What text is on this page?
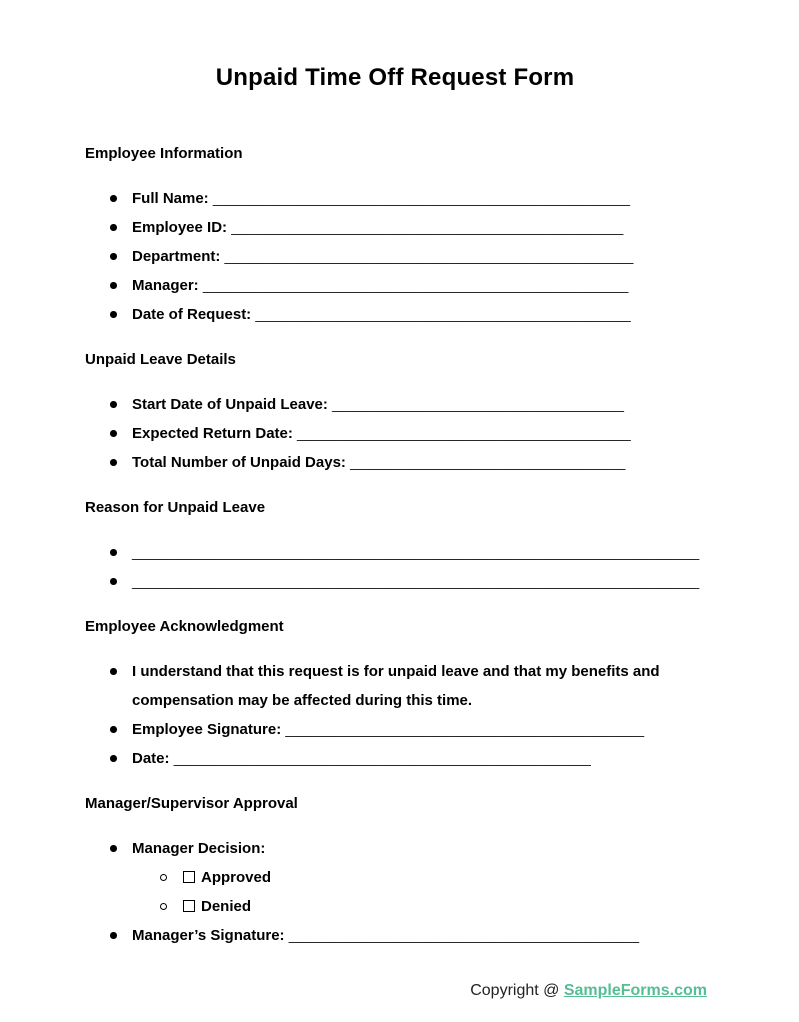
Unpaid Time Off Request Form
Employee Information
Full Name: __________________________________________________
Employee ID: _______________________________________________
Department: _________________________________________________
Manager: ___________________________________________________
Date of Request: _____________________________________________
Unpaid Leave Details
Start Date of Unpaid Leave: ___________________________________
Expected Return Date: ________________________________________
Total Number of Unpaid Days: _________________________________
Reason for Unpaid Leave
____________________________________________________________________
____________________________________________________________________
Employee Acknowledgment
I understand that this request is for unpaid leave and that my benefits and compensation may be affected during this time.
Employee Signature: ___________________________________________
Date: __________________________________________________
Manager/Supervisor Approval
Manager Decision:
Approved
Denied
Manager’s Signature: __________________________________________
Copyright @ SampleForms.com
